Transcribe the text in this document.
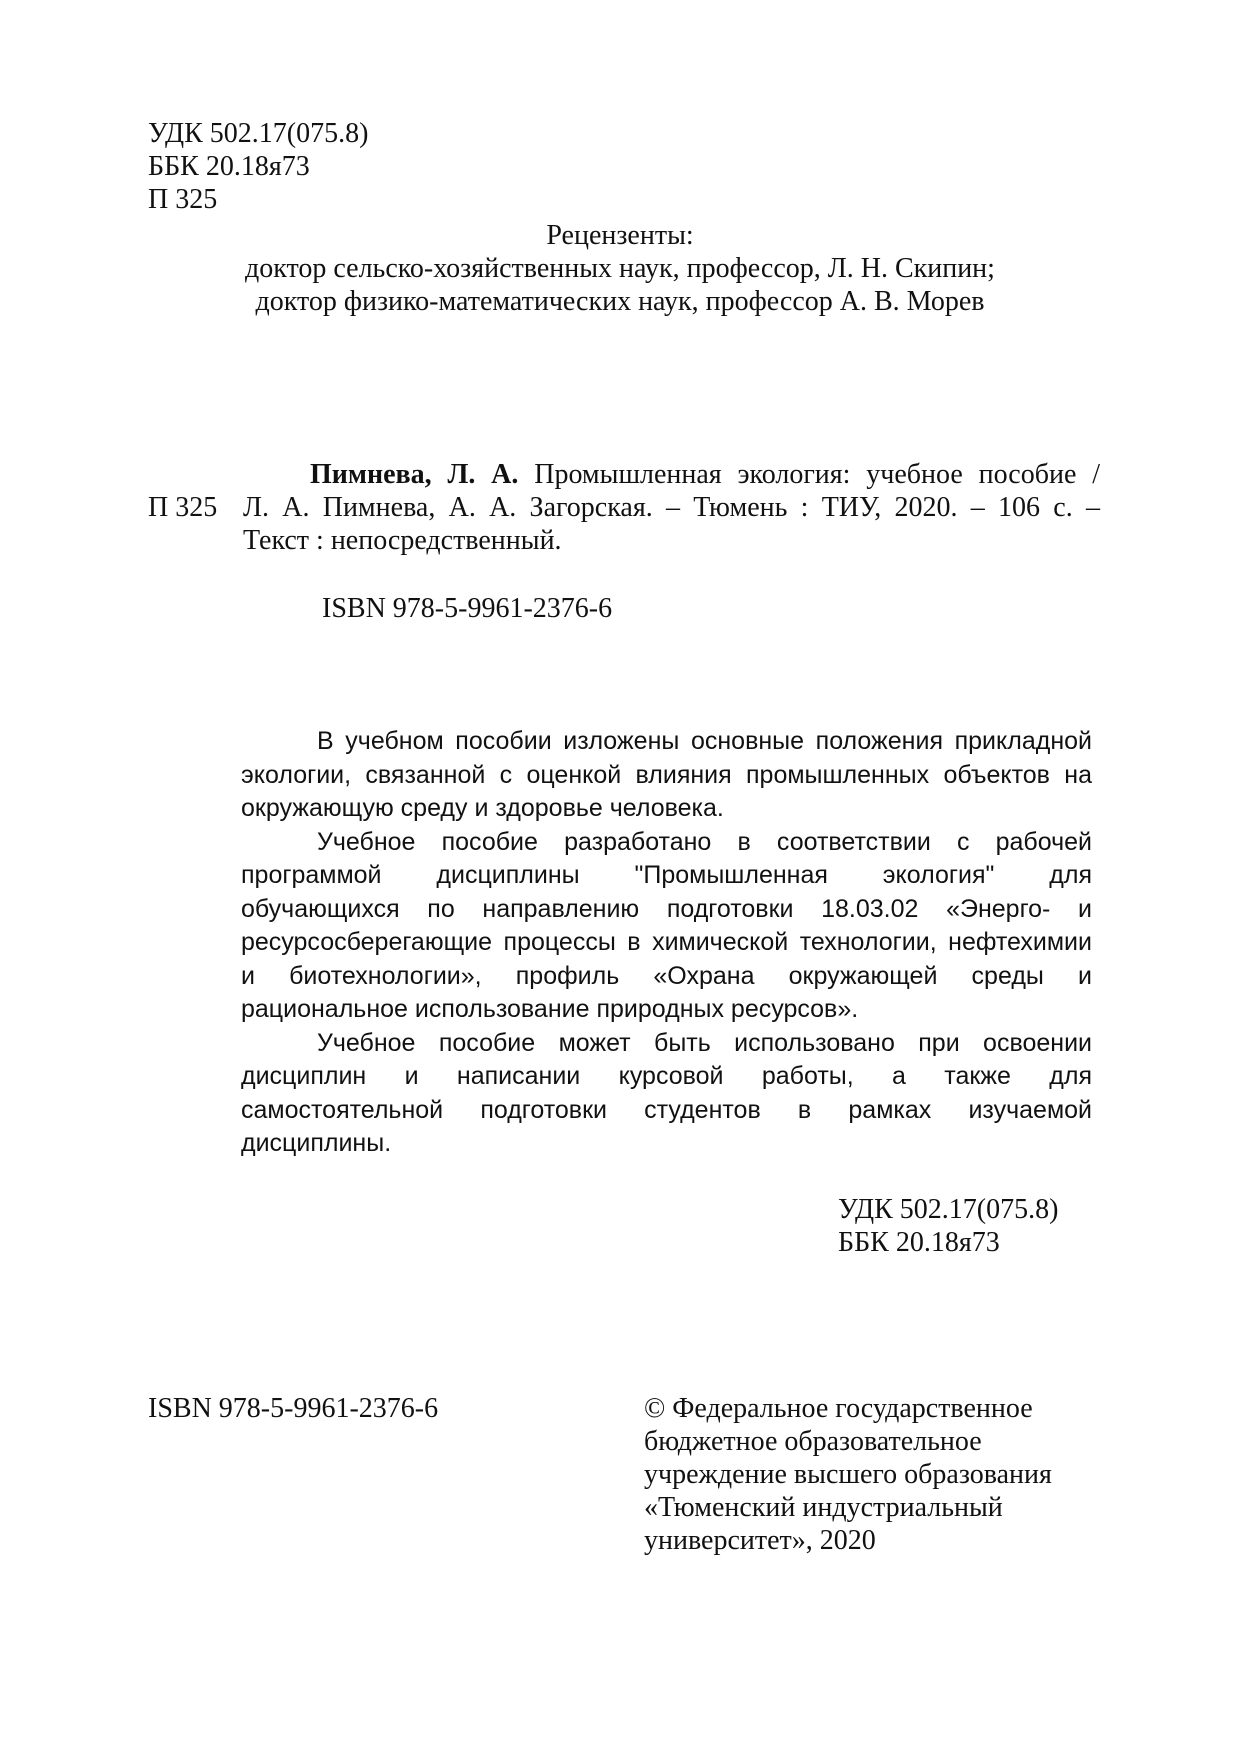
УДК 502.17(075.8)
ББК 20.18я73
П 325
Рецензенты:
доктор сельско-хозяйственных наук, профессор, Л. Н. Скипин;
доктор физико-математических наук, профессор А. В. Морев
Пимнева, Л. А. Промышленная экология: учебное пособие /
П 325 Л. А. Пимнева, А. А. Загорская. – Тюмень : ТИУ, 2020. – 106 с. –
Текст : непосредственный.
ISBN 978-5-9961-2376-6
В учебном пособии изложены основные положения прикладной
экологии, связанной с оценкой влияния промышленных объектов на
окружающую среду и здоровье человека.
Учебное пособие разработано в соответствии с рабочей
программой дисциплины "Промышленная экология" для
обучающихся по направлению подготовки 18.03.02 «Энерго- и
ресурсосберегающие процессы в химической технологии, нефтехимии
и биотехнологии», профиль «Охрана окружающей среды и
рациональное использование природных ресурсов».
Учебное пособие может быть использовано при освоении
дисциплин и написании курсовой работы, а также для
самостоятельной подготовки студентов в рамках изучаемой
дисциплины.
УДК 502.17(075.8)
ББК 20.18я73
ISBN 978-5-9961-2376-6	© Федеральное государственное
бюджетное образовательное
учреждение высшего образования
«Тюменский индустриальный
университет», 2020
